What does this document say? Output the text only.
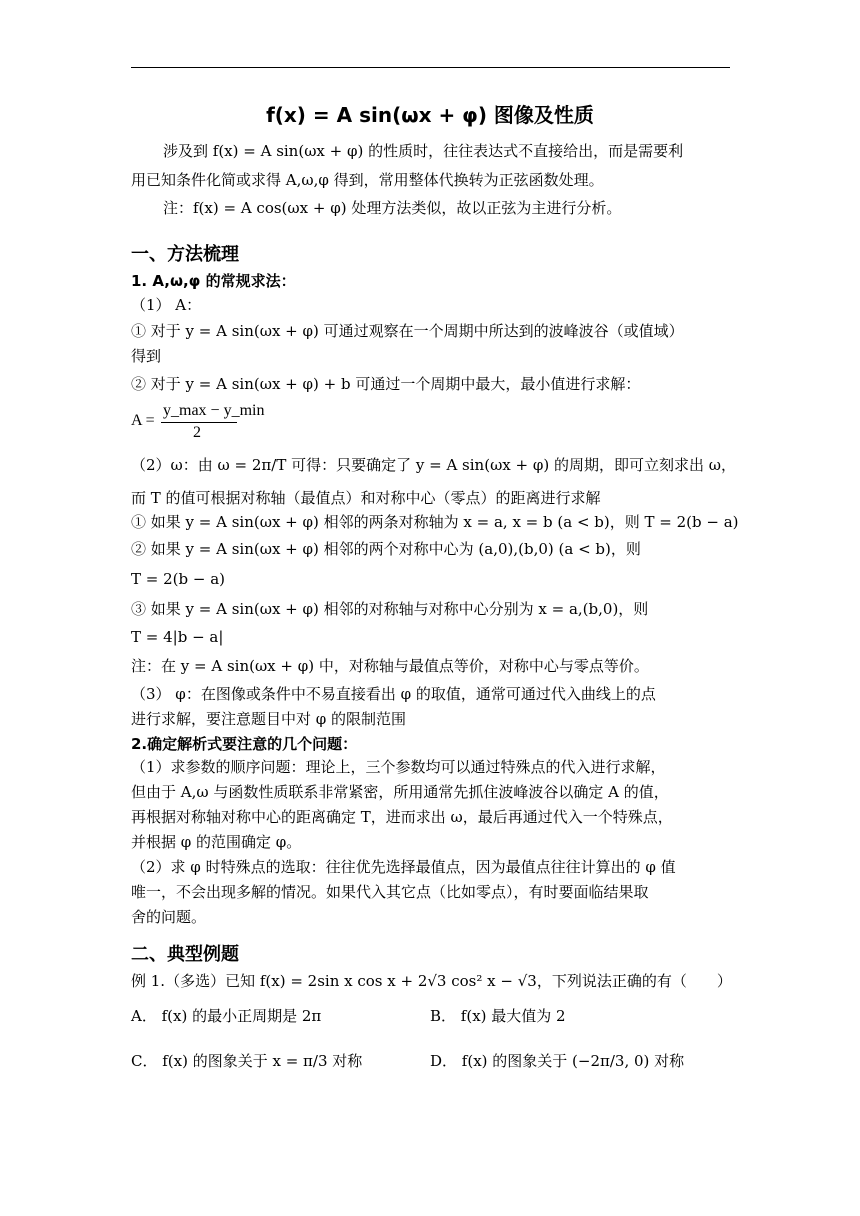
f(x) = A sin(ωx + φ) 图像及性质
涉及到 f(x) = A sin(ωx + φ) 的性质时，往往表达式不直接给出，而是需要利
用已知条件化简或求得 A,ω,φ 得到，常用整体代换转为正弦函数处理。
注：f(x) = A cos(ωx + φ) 处理方法类似，故以正弦为主进行分析。
一、方法梳理
1. A,ω,φ 的常规求法：
（1） A：
① 对于 y = A sin(ωx + φ) 可通过观察在一个周期中所达到的波峰波谷（或值域）
得到
② 对于 y = A sin(ωx + φ) + b 可通过一个周期中最大，最小值进行求解：
A =
y_max − y_min
2
（2）ω：由 ω = 2π/T 可得：只要确定了 y = A sin(ωx + φ) 的周期，即可立刻求出 ω，
而 T 的值可根据对称轴（最值点）和对称中心（零点）的距离进行求解
① 如果 y = A sin(ωx + φ) 相邻的两条对称轴为 x = a, x = b (a < b)，则 T = 2(b − a)
② 如果 y = A sin(ωx + φ) 相邻的两个对称中心为 (a,0),(b,0) (a < b)，则
T = 2(b − a)
③ 如果 y = A sin(ωx + φ) 相邻的对称轴与对称中心分别为 x = a,(b,0)，则
T = 4|b − a|
注：在 y = A sin(ωx + φ) 中，对称轴与最值点等价，对称中心与零点等价。
（3） φ：在图像或条件中不易直接看出 φ 的取值，通常可通过代入曲线上的点
进行求解，要注意题目中对 φ 的限制范围
2.确定解析式要注意的几个问题：
（1）求参数的顺序问题：理论上，三个参数均可以通过特殊点的代入进行求解，
但由于 A,ω 与函数性质联系非常紧密，所用通常先抓住波峰波谷以确定 A 的值，
再根据对称轴对称中心的距离确定 T，进而求出 ω，最后再通过代入一个特殊点，
并根据 φ 的范围确定 φ。
（2）求 φ 时特殊点的选取：往往优先选择最值点，因为最值点往往计算出的 φ 值
唯一，不会出现多解的情况。如果代入其它点（比如零点），有时要面临结果取
舍的问题。
二、典型例题
例 1.（多选）已知 f(x) = 2sin x cos x + 2√3 cos² x − √3，下列说法正确的有（　　）
A． f(x) 的最小正周期是 2π	B． f(x) 最大值为 2
C． f(x) 的图象关于 x = π/3 对称	D． f(x) 的图象关于 (−2π/3, 0) 对称
